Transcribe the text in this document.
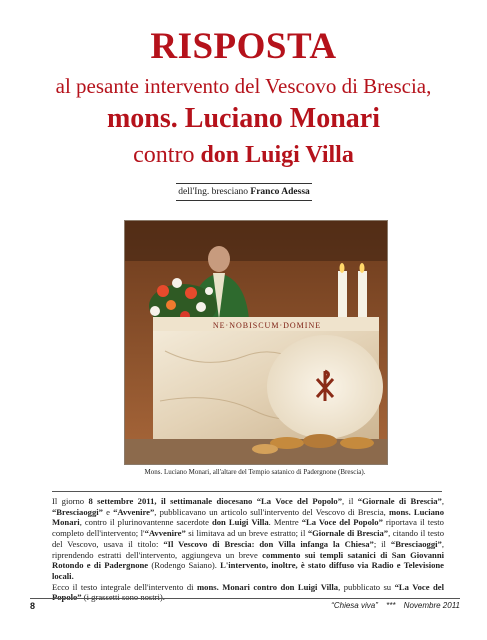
RISPOSTA
al pesante intervento del Vescovo di Brescia,
mons. Luciano Monari
contro don Luigi Villa
dell'Ing. bresciano Franco Adessa
NE·NOBISCUM·DOMINE
Mons. Luciano Monari, all'altare del Tempio satanico di Padergnone (Brescia).

Il giorno 8 settembre 2011, il settimanale diocesano “La Voce del Popolo”, il “Giornale di Brescia”, “Bresciaoggi” e “Avvenire”, pubblicavano un articolo sull'intervento del Vescovo di Brescia, mons. Luciano Monari, contro il plurinovantenne sacerdote don Luigi Villa. Mentre “La Voce del Popolo” riportava il testo completo dell'intervento; l'“Avvenire” si limitava ad un breve estratto; il “Giornale di Brescia”, citando il testo del Vescovo, usava il titolo: “Il Vescovo di Brescia: don Villa infanga la Chiesa”; il “Bresciaoggi”, riprendendo estratti dell'intervento, aggiungeva un breve commento sui templi satanici di San Giovanni Rotondo e di Padergnone (Rodengo Saiano). L'intervento, inoltre, è stato diffuso via Radio e Televisione locali.

Ecco il testo integrale dell'intervento di mons. Monari contro don Luigi Villa, pubblicato su “La Voce del

8	“Chiesa viva” *** Novembre 2011
